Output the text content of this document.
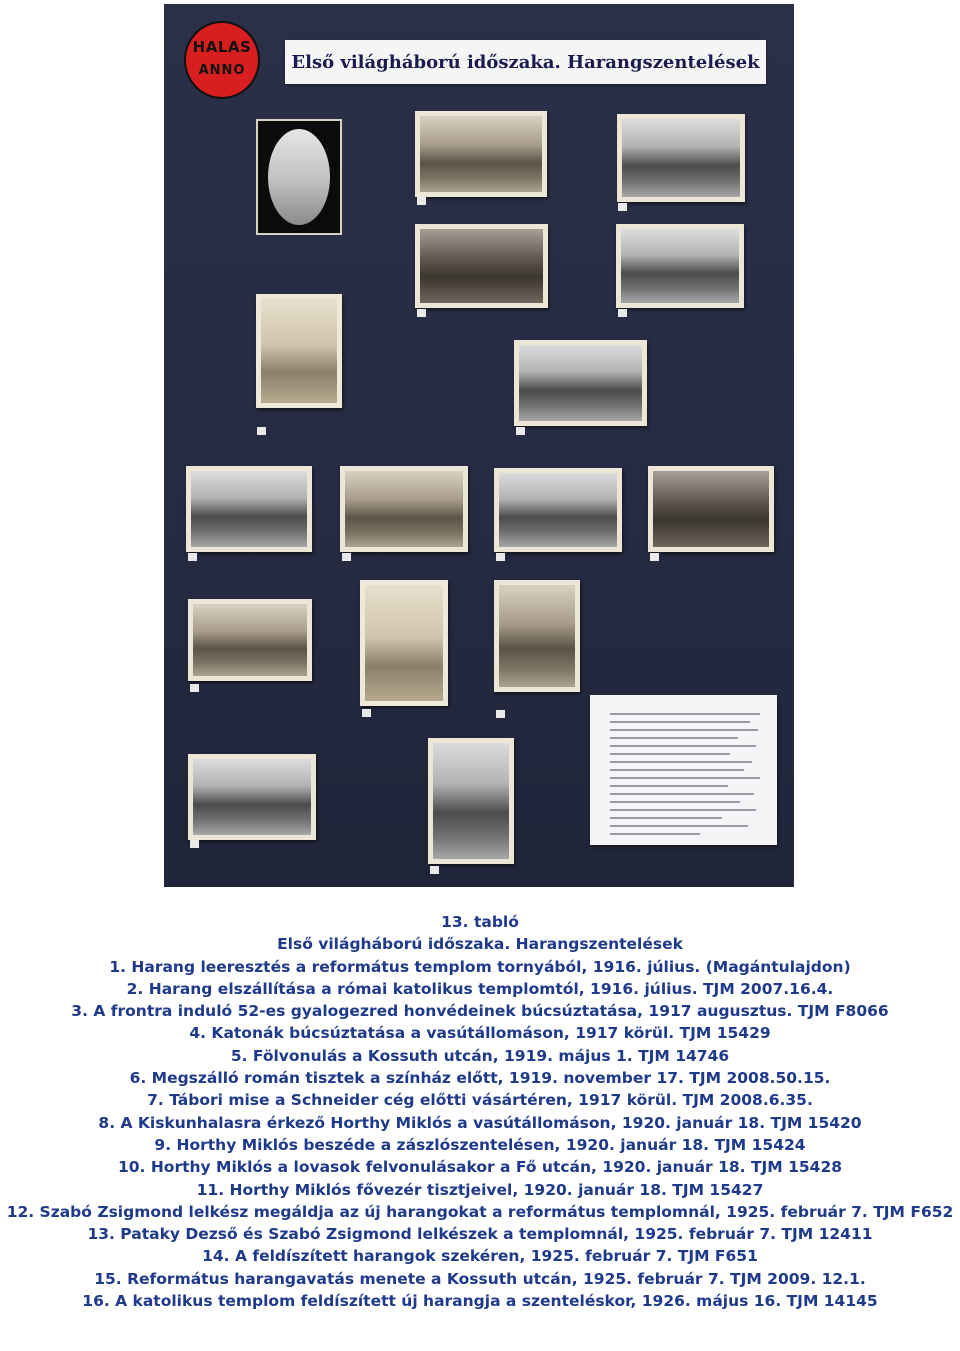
HALAS
ANNO	Első világháború időszaka. Harangszentelések

13. tabló

Első világháború időszaka. Harangszentelések

1. Harang leeresztés a református templom tornyából, 1916. július. (Magántulajdon)

2. Harang elszállítása a római katolikus templomtól, 1916. július. TJM 2007.16.4.

3. A frontra induló 52-es gyalogezred honvédeinek búcsúztatása, 1917 augusztus. TJM F8066

4. Katonák búcsúztatása a vasútállomáson, 1917 körül. TJM 15429

5. Fölvonulás a Kossuth utcán, 1919. május 1. TJM 14746

6. Megszálló román tisztek a színház előtt, 1919. november 17. TJM 2008.50.15.

7. Tábori mise a Schneider cég előtti vásártéren, 1917 körül. TJM 2008.6.35.

8. A Kiskunhalasra érkező Horthy Miklós a vasútállomáson, 1920. január 18. TJM 15420

9. Horthy Miklós beszéde a zászlószentelésen, 1920. január 18. TJM 15424

10. Horthy Miklós a lovasok felvonulásakor a Fő utcán, 1920. január 18. TJM 15428

11. Horthy Miklós fővezér tisztjeivel, 1920. január 18. TJM 15427

12. Szabó Zsigmond lelkész megáldja az új harangokat a református templomnál, 1925. február 7. TJM F652

13. Pataky Dezső és Szabó Zsigmond lelkészek a templomnál, 1925. február 7. TJM 12411

14. A feldíszített harangok szekéren, 1925. február 7. TJM F651

15. Református harangavatás menete a Kossuth utcán, 1925. február 7. TJM 2009. 12.1.

16. A katolikus templom feldíszített új harangja a szenteléskor, 1926. május 16. TJM 14145
